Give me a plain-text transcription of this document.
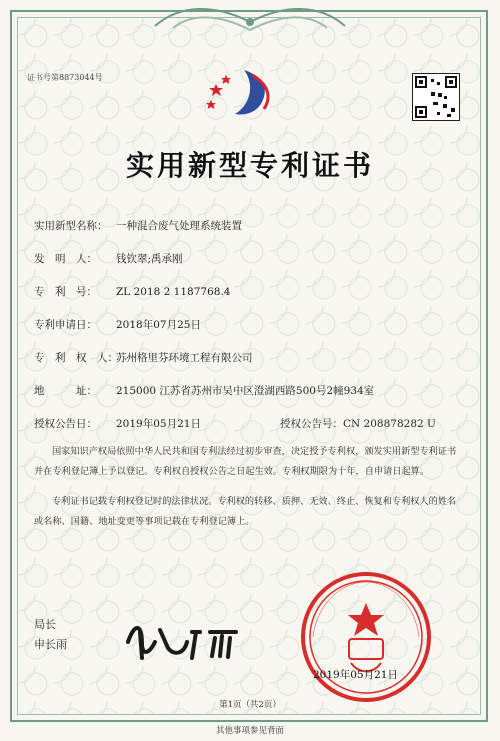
证书号第8873044号
实用新型专利证书
实用新型名称： 一种混合废气处理系统装置
发　明　人： 钱钦翠;禹承刚
专　利　号： ZL 2018 2 1187768.4
专利申请日： 2018年07月25日
专　利　权　人：苏州格里芬环境工程有限公司
地　　　址： 215000 江苏省苏州市吴中区澄湖西路500号2幢934室
授权公告日： 2019年05月21日	授权公告号：CN 208878282 U
国家知识产权局依照中华人民共和国专利法经过初步审查，决定授予专利权，颁发实用新型专利证书并在专利登记簿上予以登记。专利权自授权公告之日起生效。专利权期限为十年，自申请日起算。
专利证书记载专利权登记时的法律状况。专利权的转移、质押、无效、终止、恢复和专利权人的姓名或名称、国籍、地址变更等事项记载在专利登记簿上。
局长
申长雨
2019年05月21日
第1页（共2页）
其他事项参见背面
